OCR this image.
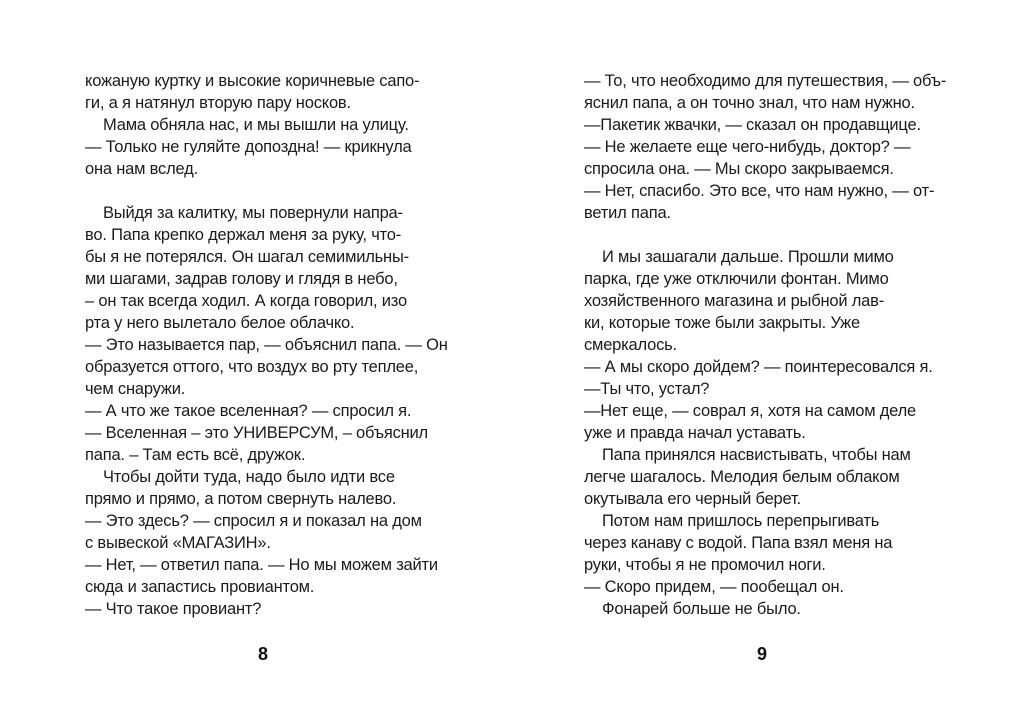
кожаную куртку и высокие коричневые сапо-
ги, а я натянул вторую пару носков.
Мама обняла нас, и мы вышли на улицу.
— Только не гуляйте допоздна! — крикнула
она нам вслед.
Выйдя за калитку, мы повернули напра-
во. Папа крепко держал меня за руку, что-
бы я не потерялся. Он шагал семимильны-
ми шагами, задрав голову и глядя в небо,
– он так всегда ходил. А когда говорил, изо
рта у него вылетало белое облачко.
— Это называется пар, — объяснил папа. — Он
образуется оттого, что воздух во рту теплее,
чем снаружи.
— А что же такое вселенная? — спросил я.
— Вселенная – это УНИВЕРСУМ, – объяснил
папа. – Там есть всё, дружок.
Чтобы дойти туда, надо было идти все
прямо и прямо, а потом свернуть налево.
— Это здесь? — спросил я и показал на дом
с вывеской «МАГАЗИН».
— Нет, — ответил папа. — Но мы можем зайти
сюда и запастись провиантом.
— Что такое провиант?
8
— То, что необходимо для путешествия, — объ-
яснил папа, а он точно знал, что нам нужно.
—Пакетик жвачки, — сказал он продавщице.
— Не желаете еще чего-нибудь, доктор? —
спросила она. — Мы скоро закрываемся.
— Нет, спасибо. Это все, что нам нужно, — от-
ветил папа.
И мы зашагали дальше. Прошли мимо
парка, где уже отключили фонтан. Мимо
хозяйственного магазина и рыбной лав-
ки, которые тоже были закрыты. Уже
смеркалось.
— А мы скоро дойдем? — поинтересовался я.
—Ты что, устал?
—Нет еще, — соврал я, хотя на самом деле
уже и правда начал уставать.
Папа принялся насвистывать, чтобы нам
легче шагалось. Мелодия белым облаком
окутывала его черный берет.
Потом нам пришлось перепрыгивать
через канаву с водой. Папа взял меня на
руки, чтобы я не промочил ноги.
— Скоро придем, — пообещал он.
Фонарей больше не было.
9
